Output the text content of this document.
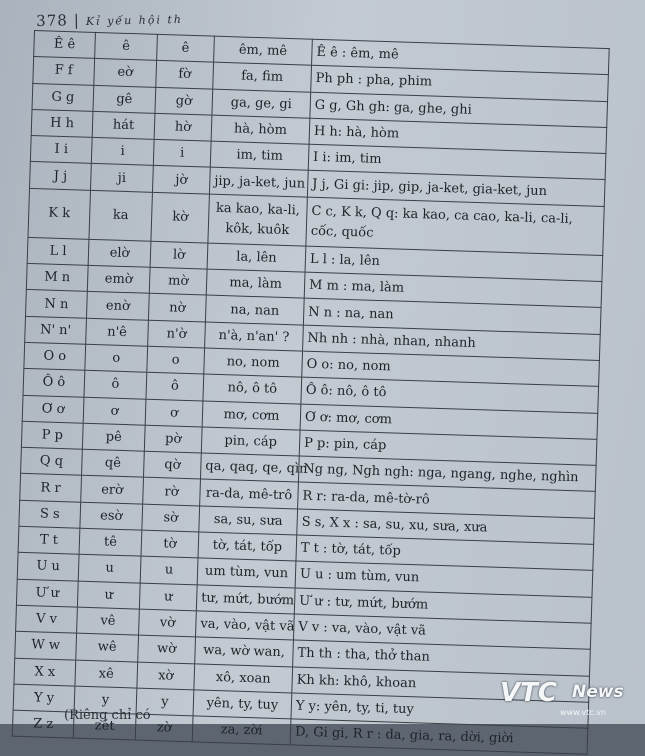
378 | Kỉ yếu hội th
Ê ê	ê	ê	êm, mê	Ê ê : êm, mê
F f	eờ	fờ	fa, fim	Ph ph : pha, phim
G g	gê	gờ	ga, ge, gi	G g, Gh gh: ga, ghe, ghi
H h	hát	hờ	hà, hòm	H h: hà, hòm
I i	i	i	im, tim	I i: im, tim
J j	ji	jờ	jip, ja-ket, jun	J j, Gi gi: jip, gip, ja-ket, gia-ket, jun
K k	ka	kờ	ka kao, ka-li, kôk, kuôk	C c, K k, Q q: ka kao, ca cao, ka-li, ca-li, cốc, quốc
L l	elờ	lờ	la, lên	L l : la, lên
M n	emờ	mờ	ma, làm	M m : ma, làm
N n	enờ	nờ	na, nan	N n : na, nan
N' n'	n'ê	n'ờ	n'à, n'an' ?	Nh nh : nhà, nhan, nhanh
O o	o	o	no, nom	O o: no, nom
Ô ô	ô	ô	nô, ô tô	Ô ô: nô, ô tô
Ơ ơ	ơ	ơ	mơ, cơm	Ơ ơ: mơ, cơm
P p	pê	pờ	pin, cáp	P p: pin, cáp
Q q	qê	qờ	qa, qaq, qe, qìn	Ng ng, Ngh ngh: nga, ngang, nghe, nghìn
R r	erờ	rờ	ra-da, mê-trô	R r: ra-da, mê-tờ-rô
S s	esờ	sờ	sa, su, sưa	S s, X x : sa, su, xu, sưa, xưa
T t	tê	tờ	tờ, tát, tốp	T t : tờ, tát, tốp
U u	u	u	um tùm, vun	U u : um tùm, vun
Ư ư	ư	ư	tư, mứt, bướm	Ư ư : tư, mứt, bướm
V v	vê	vờ	va, vào, vật vã	V v : va, vào, vật vã
W w	wê	wờ	wa, wờ wan,	Th th : tha, thở than
X x	xê	xờ	xô, xoan	Kh kh: khô, khoan
Y y	y	y	yên, ty, tuy	Y y: yên, ty, ti, tuy
Z z	zét	zờ	za, zời	D, Gi gi, R r : da, gia, ra, dời, giời
(Riêng chỉ có
VTC News
www.vtc.vn
